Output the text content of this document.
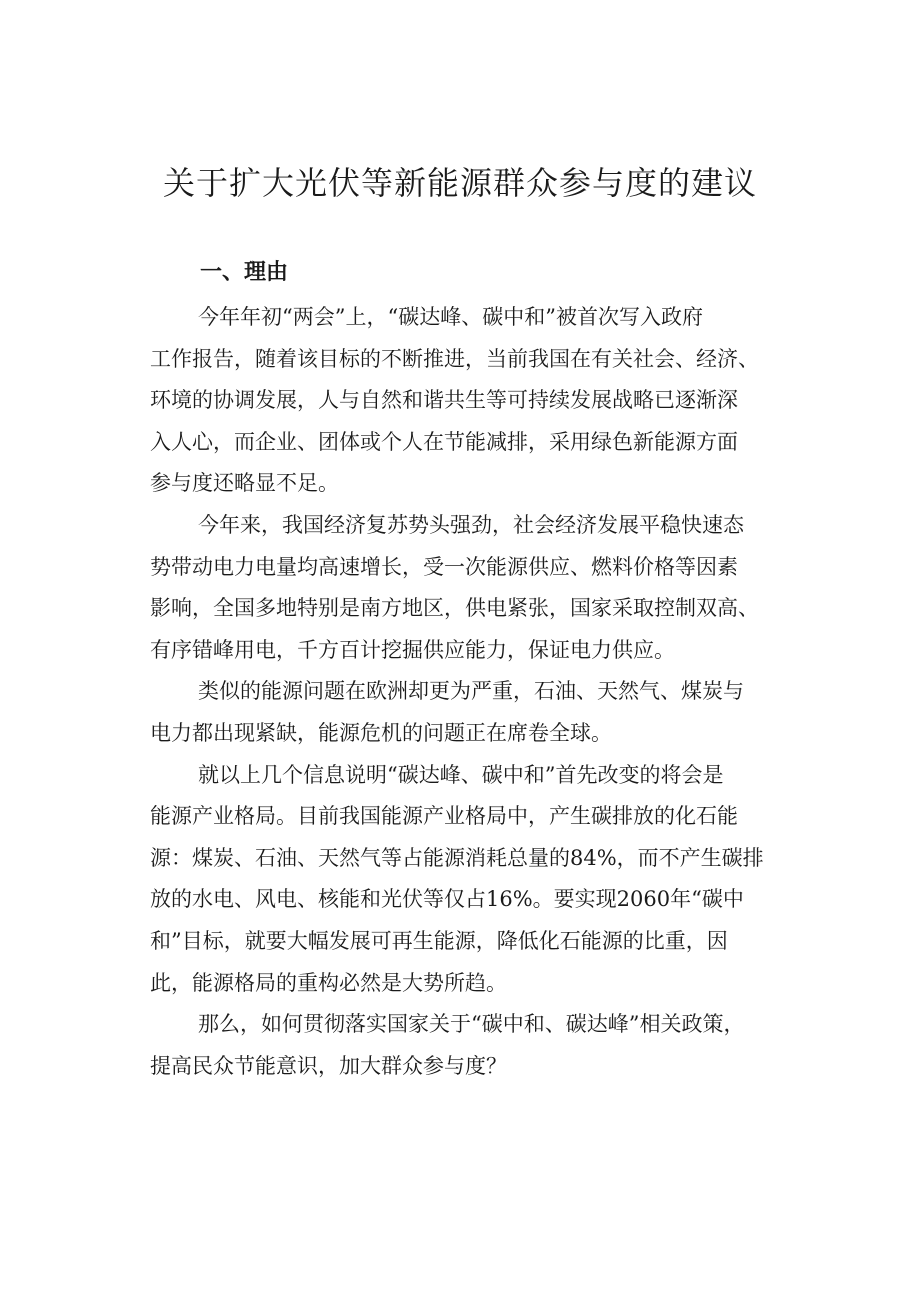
关于扩大光伏等新能源群众参与度的建议
一、理由
今年年初“两会”上，“碳达峰、碳中和”被首次写入政府
工作报告，随着该目标的不断推进，当前我国在有关社会、经济、
环境的协调发展，人与自然和谐共生等可持续发展战略已逐渐深
入人心，而企业、团体或个人在节能减排，采用绿色新能源方面
参与度还略显不足。
今年来，我国经济复苏势头强劲，社会经济发展平稳快速态
势带动电力电量均高速增长，受一次能源供应、燃料价格等因素
影响，全国多地特别是南方地区，供电紧张，国家采取控制双高、
有序错峰用电，千方百计挖掘供应能力，保证电力供应。
类似的能源问题在欧洲却更为严重，石油、天然气、煤炭与
电力都出现紧缺，能源危机的问题正在席卷全球。
就以上几个信息说明“碳达峰、碳中和”首先改变的将会是
能源产业格局。目前我国能源产业格局中，产生碳排放的化石能
源：煤炭、石油、天然气等占能源消耗总量的84%，而不产生碳排
放的水电、风电、核能和光伏等仅占16%。要实现2060年“碳中
和”目标，就要大幅发展可再生能源，降低化石能源的比重，因
此，能源格局的重构必然是大势所趋。
那么，如何贯彻落实国家关于“碳中和、碳达峰”相关政策，
提高民众节能意识，加大群众参与度？
